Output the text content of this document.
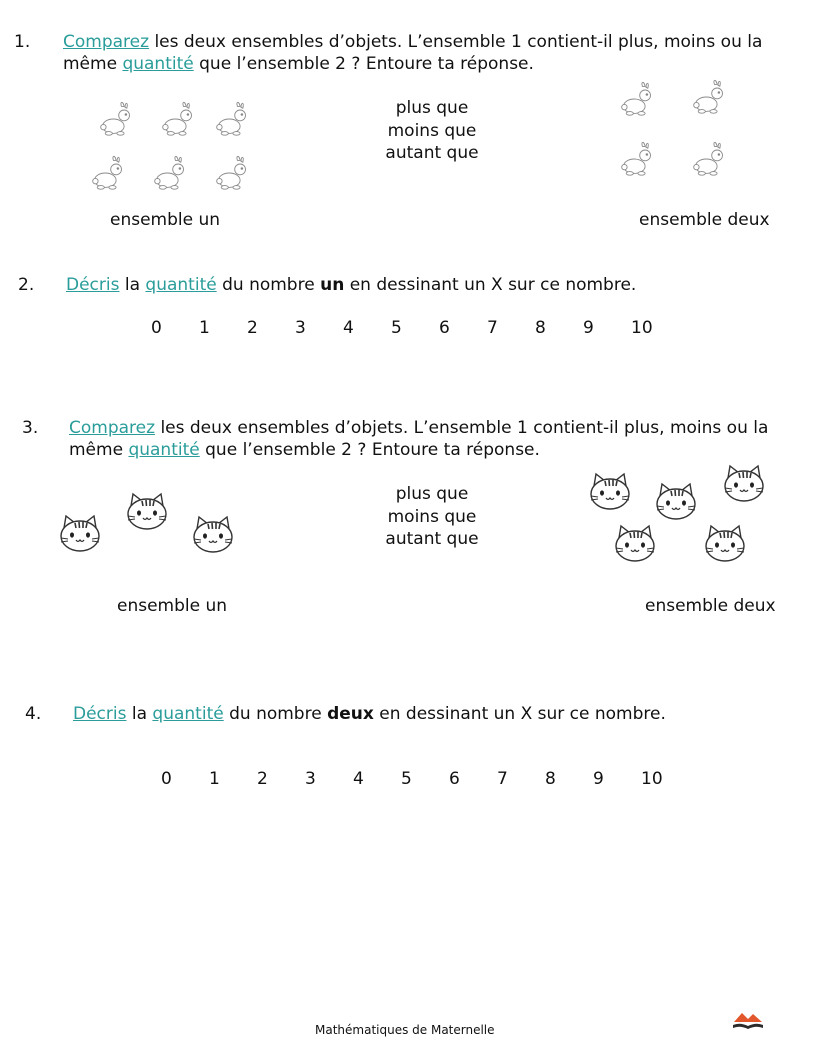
1. Comparez les deux ensembles d’objets. L’ensemble 1 contient-il plus, moins ou la
même quantité que l’ensemble 2 ? Entoure ta réponse.
plus que
moins que
autant que
ensemble un	ensemble deux
2. Décris la quantité du nombre un en dessinant un X sur ce nombre.
0 1 2 3 4 5 6 7 8 9 10
3. Comparez les deux ensembles d’objets. L’ensemble 1 contient-il plus, moins ou la
même quantité que l’ensemble 2 ? Entoure ta réponse.
plus que
moins que
autant que
ensemble un	ensemble deux
4. Décris la quantité du nombre deux en dessinant un X sur ce nombre.
0 1 2 3 4 5 6 7 8 9 10
Mathématiques de Maternelle
